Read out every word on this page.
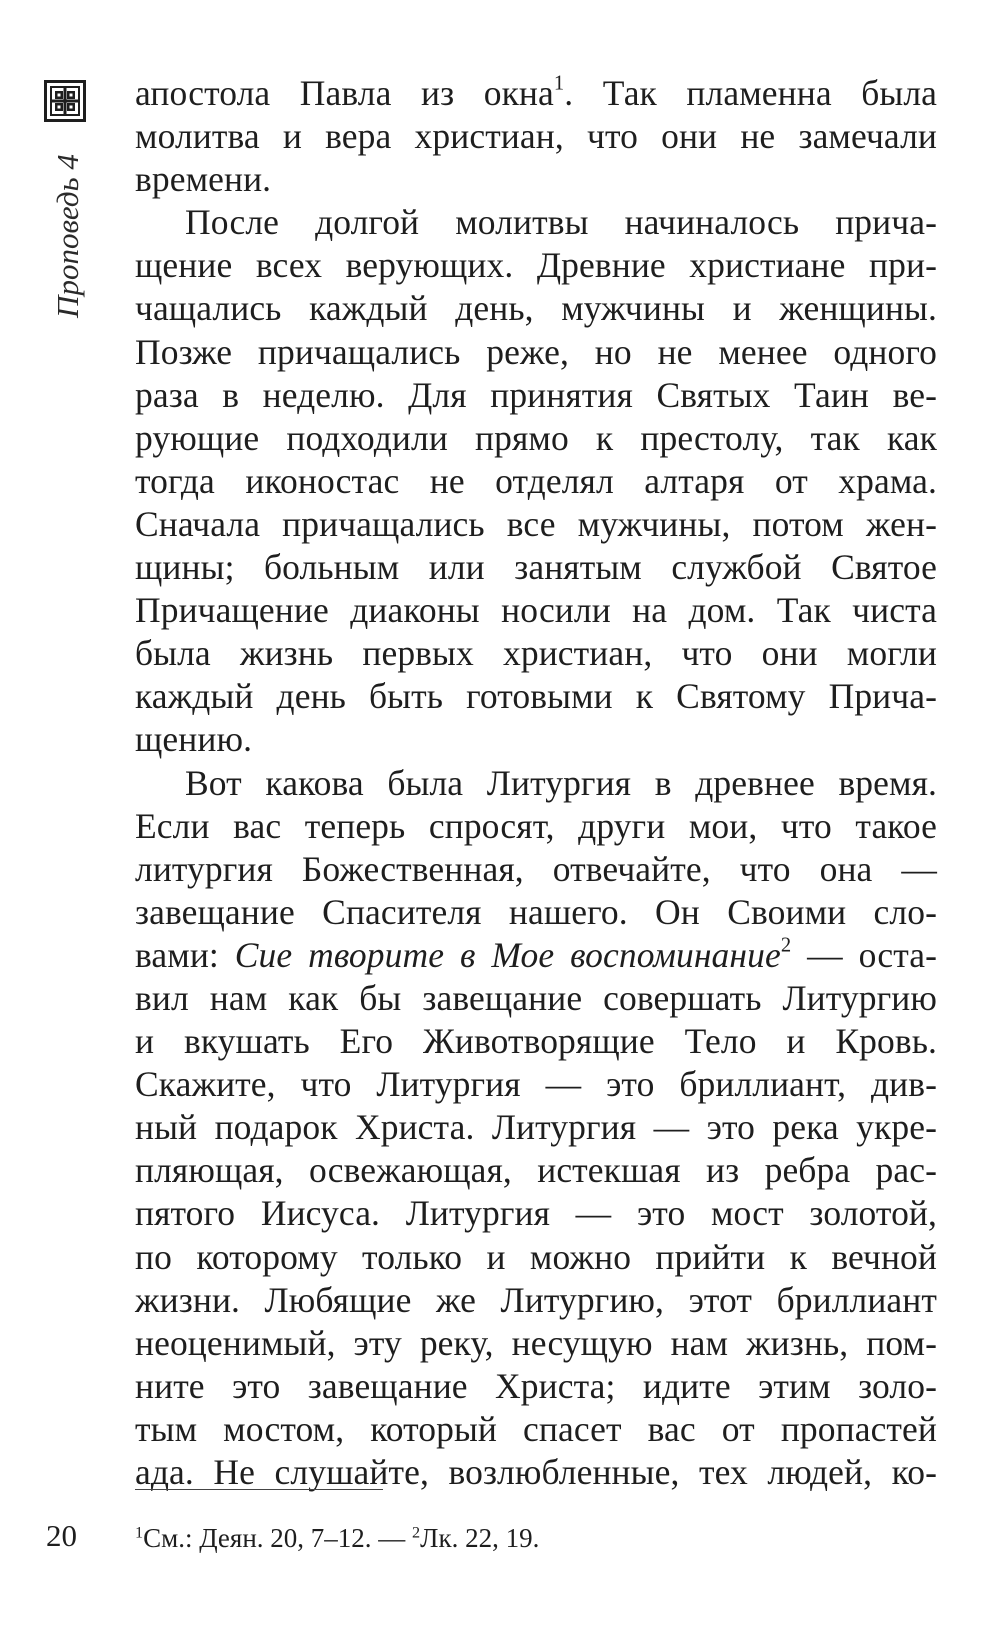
Проповедь 4

апостола Павла из окна$^1$. Так пламенна была
молитва и вера христиан, что они не замечали
времени.

После долгой молитвы начиналось прича-
щение всех верующих. Древние христиане при-
чащались каждый день, мужчины и женщины.
Позже причащались реже, но не менее одного
раза в неделю. Для принятия Святых Таин ве-
рующие подходили прямо к престолу, так как
тогда иконостас не отделял алтаря от храма.
Сначала причащались все мужчины, потом жен-
щины; больным или занятым службой Святое
Причащение диаконы носили на дом. Так чиста
была жизнь первых христиан, что они могли
каждый день быть готовыми к Святому Прича-
щению.

Вот какова была Литургия в древнее время.
Если вас теперь спросят, други мои, что такое
литургия Божественная, отвечайте, что она —
завещание Спасителя нашего. Он Своими сло-
вами: Сие творите в Мое воспоминание$^2$ — оста-
вил нам как бы завещание совершать Литургию
и вкушать Его Животворящие Тело и Кровь.
Скажите, что Литургия — это бриллиант, див-
ный подарок Христа. Литургия — это река укре-
пляющая, освежающая, истекшая из ребра рас-
пятого Иисуса. Литургия — это мост золотой,
по которому только и можно прийти к вечной
жизни. Любящие же Литургию, этот бриллиант
неоценимый, эту реку, несущую нам жизнь, пом-
ните это завещание Христа; идите этим золо-
тым мостом, который спасет вас от пропастей
ада. Не слушайте, возлюбленные, тех людей, ко-

20	$^1$См.: Деян. 20, 7–12. — $^2$Лк. 22, 19.
